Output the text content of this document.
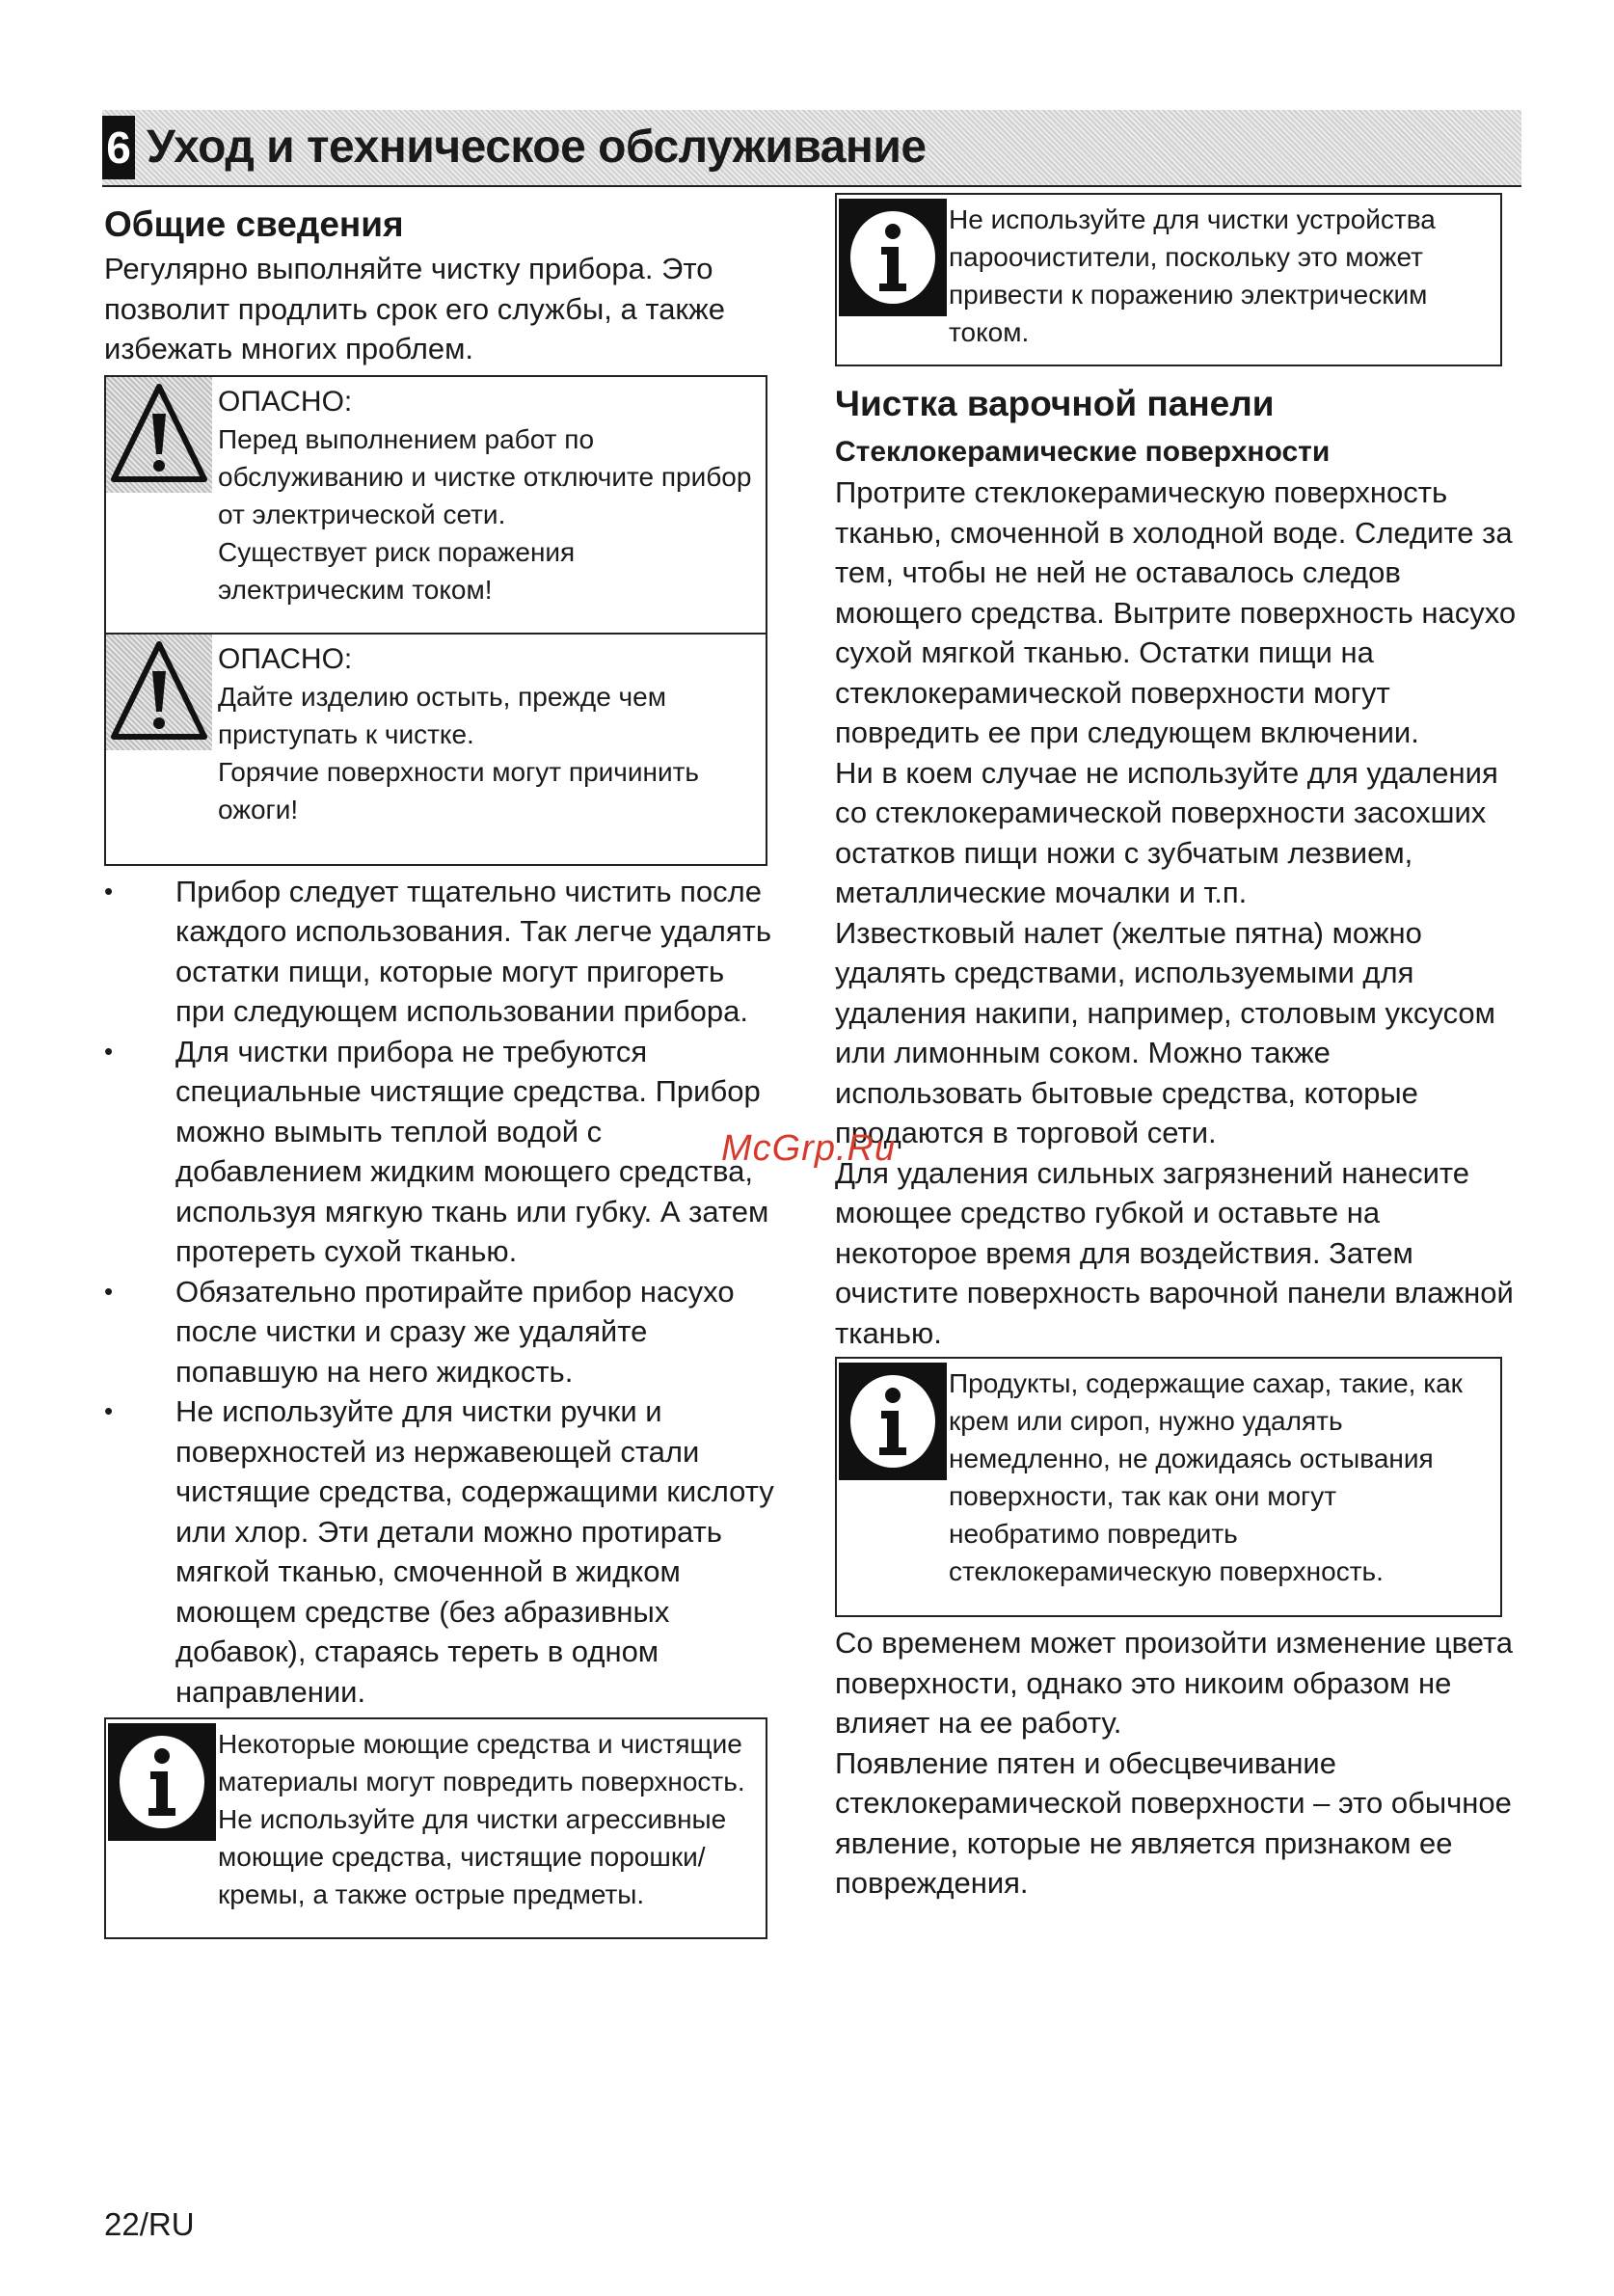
6 Уход и техническое обслуживание
Общие сведения

Регулярно выполняйте чистку прибора. Это позволит продлить срок его службы, а также избежать многих проблем.

ОПАСНО:
Перед выполнением работ по обслуживанию и чистке отключите прибор от электрической сети.
Существует риск поражения электрическим током!
ОПАСНО:
Дайте изделию остыть, прежде чем приступать к чистке.
Горячие поверхности могут причинить ожоги!
•	Прибор следует тщательно чистить после каждого использования. Так легче удалять остатки пищи, которые могут пригореть при следующем использовании прибора.
•	Для чистки прибора не требуются специальные чистящие средства. Прибор можно вымыть теплой водой с добавлением жидким моющего средства, используя мягкую ткань или губку. А затем протереть сухой тканью.
•	Обязательно протирайте прибор насухо после чистки и сразу же удаляйте попавшую на него жидкость.
•	Не используйте для чистки ручки и поверхностей из нержавеющей стали чистящие средства, содержащими кислоту или хлор. Эти детали можно протирать мягкой тканью, смоченной в жидком моющем средстве (без абразивных добавок), стараясь тереть в одном направлении.
Некоторые моющие средства и чистящие материалы могут повредить поверхность. Не используйте для чистки агрессивные моющие средства, чистящие порошки/кремы, а также острые предметы.
Не используйте для чистки устройства пароочистители, поскольку это может привести к поражению электрическим током.
Чистка варочной панели
Стеклокерамические поверхности

Протрите стеклокерамическую поверхность тканью, смоченной в холодной воде. Следите за тем, чтобы не ней не оставалось следов моющего средства. Вытрите поверхность насухо сухой мягкой тканью. Остатки пищи на стеклокерамической поверхности могут повредить ее при следующем включении.

Ни в коем случае не используйте для удаления со стеклокерамической поверхности засохших остатков пищи ножи с зубчатым лезвием, металлические мочалки и т.п.

Известковый налет (желтые пятна) можно удалять средствами, используемыми для удаления накипи, например, столовым уксусом или лимонным соком. Можно также использовать бытовые средства, которые продаются в торговой сети.

Для удаления сильных загрязнений нанесите моющее средство губкой и оставьте на некоторое время для воздействия. Затем очистите поверхность варочной панели влажной тканью.

Продукты, содержащие сахар, такие, как крем или сироп, нужно удалять немедленно, не дожидаясь остывания поверхности, так как они могут необратимо повредить стеклокерамическую поверхность.

Со временем может произойти изменение цвета поверхности, однако это никоим образом не влияет на ее работу.

Появление пятен и обесцвечивание стеклокерамической поверхности – это обычное явление, которые не является признаком ее повреждения.

McGrp.Ru
22/RU
